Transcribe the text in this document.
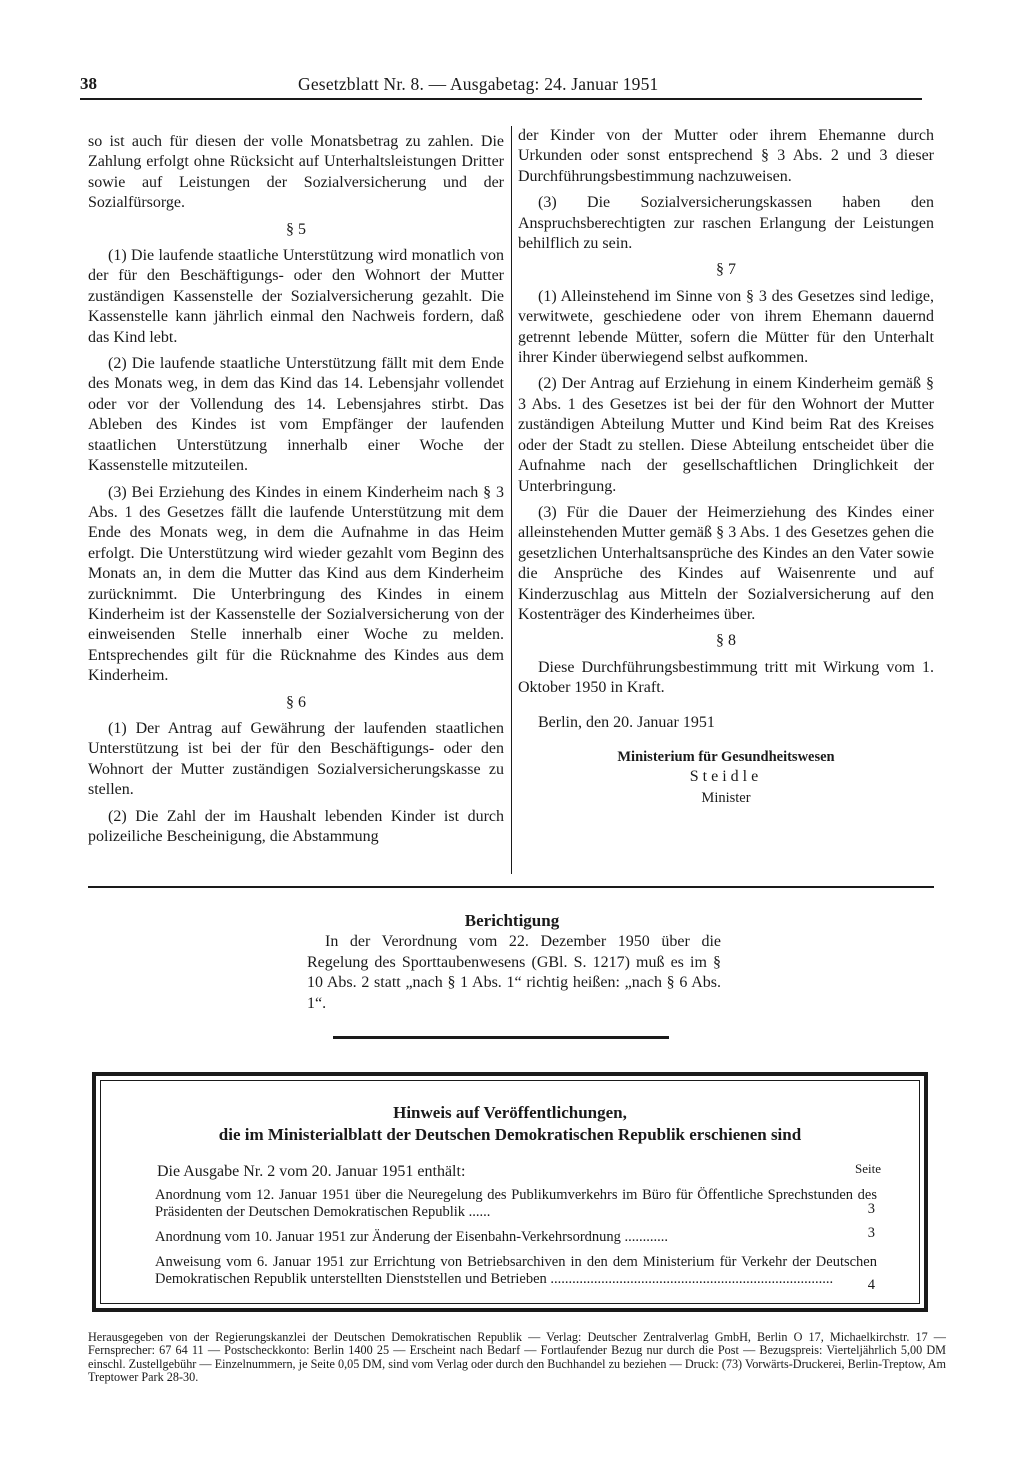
38	Gesetzblatt Nr. 8. — Ausgabetag: 24. Januar 1951

so ist auch für diesen der volle Monatsbetrag zu zahlen. Die Zahlung erfolgt ohne Rücksicht auf Unterhaltsleistungen Dritter sowie auf Leistungen der Sozialversicherung und der Sozialfürsorge.

§ 5

(1) Die laufende staatliche Unterstützung wird monatlich von der für den Beschäftigungs- oder den Wohnort der Mutter zuständigen Kassenstelle der Sozialversicherung gezahlt. Die Kassenstelle kann jährlich einmal den Nachweis fordern, daß das Kind lebt.

(2) Die laufende staatliche Unterstützung fällt mit dem Ende des Monats weg, in dem das Kind das 14. Lebensjahr vollendet oder vor der Vollendung des 14. Lebensjahres stirbt. Das Ableben des Kindes ist vom Empfänger der laufenden staatlichen Unterstützung innerhalb einer Woche der Kassenstelle mitzuteilen.

(3) Bei Erziehung des Kindes in einem Kinderheim nach § 3 Abs. 1 des Gesetzes fällt die laufende Unterstützung mit dem Ende des Monats weg, in dem die Aufnahme in das Heim erfolgt. Die Unterstützung wird wieder gezahlt vom Beginn des Monats an, in dem die Mutter das Kind aus dem Kinderheim zurücknimmt. Die Unterbringung des Kindes in einem Kinderheim ist der Kassenstelle der Sozialversicherung von der einweisenden Stelle innerhalb einer Woche zu melden. Entsprechendes gilt für die Rücknahme des Kindes aus dem Kinderheim.

§ 6

(1) Der Antrag auf Gewährung der laufenden staatlichen Unterstützung ist bei der für den Beschäftigungs- oder den Wohnort der Mutter zuständigen Sozialversicherungskasse zu stellen.

(2) Die Zahl der im Haushalt lebenden Kinder ist durch polizeiliche Bescheinigung, die Abstammung

der Kinder von der Mutter oder ihrem Ehemanne durch Urkunden oder sonst entsprechend § 3 Abs. 2 und 3 dieser Durchführungsbestimmung nachzuweisen.

(3) Die Sozialversicherungskassen haben den Anspruchsberechtigten zur raschen Erlangung der Leistungen behilflich zu sein.

§ 7

(1) Alleinstehend im Sinne von § 3 des Gesetzes sind ledige, verwitwete, geschiedene oder von ihrem Ehemann dauernd getrennt lebende Mütter, sofern die Mütter für den Unterhalt ihrer Kinder überwiegend selbst aufkommen.

(2) Der Antrag auf Erziehung in einem Kinderheim gemäß § 3 Abs. 1 des Gesetzes ist bei der für den Wohnort der Mutter zuständigen Abteilung Mutter und Kind beim Rat des Kreises oder der Stadt zu stellen. Diese Abteilung entscheidet über die Aufnahme nach der gesellschaftlichen Dringlichkeit der Unterbringung.

(3) Für die Dauer der Heimerziehung des Kindes einer alleinstehenden Mutter gemäß § 3 Abs. 1 des Gesetzes gehen die gesetzlichen Unterhaltsansprüche des Kindes an den Vater sowie die Ansprüche des Kindes auf Waisenrente und auf Kinderzuschlag aus Mitteln der Sozialversicherung auf den Kostenträger des Kinderheimes über.

§ 8

Diese Durchführungsbestimmung tritt mit Wirkung vom 1. Oktober 1950 in Kraft.

Berlin, den 20. Januar 1951

Ministerium für Gesundheitswesen
Steidle
Minister
Berichtigung

In der Verordnung vom 22. Dezember 1950 über die Regelung des Sporttaubenwesens (GBl. S. 1217) muß es im § 10 Abs. 2 statt „nach § 1 Abs. 1“ richtig heißen: „nach § 6 Abs. 1“.

Hinweis auf Veröffentlichungen,
die im Ministerialblatt der Deutschen Demokratischen Republik erschienen sind
Die Ausgabe Nr. 2 vom 20. Januar 1951 enthält:	Seite
Anordnung vom 12. Januar 1951 über die Neuregelung des Publikumverkehrs im Büro für Öffentliche Sprechstunden des Präsidenten der Deutschen Demokratischen Republik ......
Anordnung vom 10. Januar 1951 zur Änderung der Eisenbahn-Verkehrsordnung ............
Anweisung vom 6. Januar 1951 zur Errichtung von Betriebsarchiven in den dem Ministerium für Verkehr der Deutschen Demokratischen Republik unterstellten Dienststellen und Betrieben ..............................................................................
3
3
4
Herausgegeben von der Regierungskanzlei der Deutschen Demokratischen Republik — Verlag: Deutscher Zentralverlag GmbH, Berlin O 17, Michaelkirchstr. 17 — Fernsprecher: 67 64 11 — Postscheckkonto: Berlin 1400 25 — Erscheint nach Bedarf — Fortlaufender Bezug nur durch die Post — Bezugspreis: Vierteljährlich 5,00 DM einschl. Zustellgebühr — Einzelnummern, je Seite 0,05 DM, sind vom Verlag oder durch den Buchhandel zu beziehen — Druck: (73) Vorwärts-Druckerei, Berlin-Treptow, Am Treptower Park 28-30.
